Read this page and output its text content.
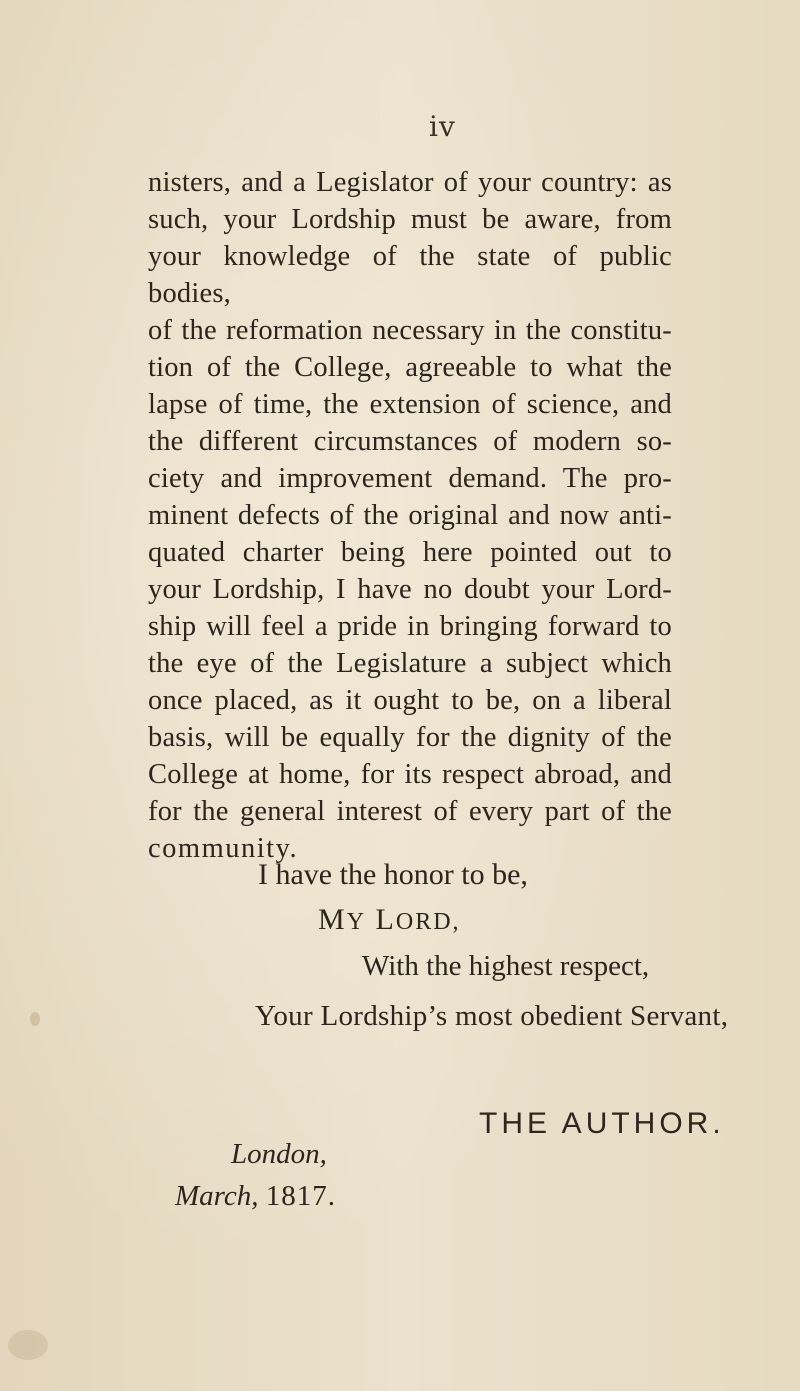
iv
nisters, and a Legislator of your country: as
such, your Lordship must be aware, from
your knowledge of the state of public bodies,
of the reformation necessary in the constitu-
tion of the College, agreeable to what the
lapse of time, the extension of science, and
the different circumstances of modern so-
ciety and improvement demand. The pro-
minent defects of the original and now anti-
quated charter being here pointed out to
your Lordship, I have no doubt your Lord-
ship will feel a pride in bringing forward to
the eye of the Legislature a subject which
once placed, as it ought to be, on a liberal
basis, will be equally for the dignity of the
College at home, for its respect abroad, and
for the general interest of every part of the
community.
I have the honor to be,
MY LORD,
With the highest respect,
Your Lordship’s most obedient Servant,
THE AUTHOR.
London,
March, 1817.
